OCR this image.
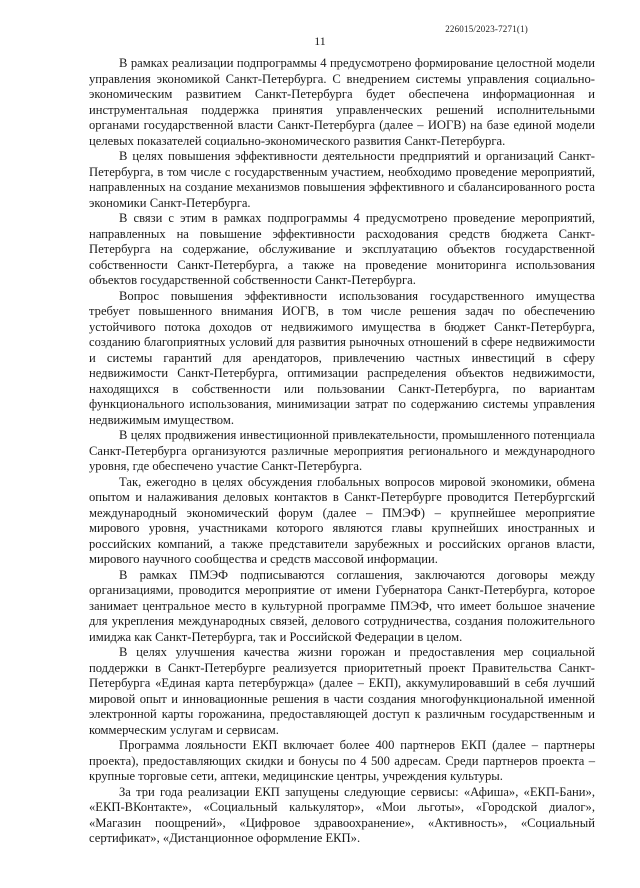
226015/2023-7271(1)
11

В рамках реализации подпрограммы 4 предусмотрено формирование целостной модели управления экономикой Санкт-Петербурга. С внедрением системы управления социально-экономическим развитием Санкт-Петербурга будет обеспечена информационная и инструментальная поддержка принятия управленческих решений исполнительными органами государственной власти Санкт-Петербурга (далее – ИОГВ) на базе единой модели целевых показателей социально-экономического развития Санкт-Петербурга.

В целях повышения эффективности деятельности предприятий и организаций Санкт-Петербурга, в том числе с государственным участием, необходимо проведение мероприятий, направленных на создание механизмов повышения эффективного и сбалансированного роста экономики Санкт-Петербурга.

В связи с этим в рамках подпрограммы 4 предусмотрено проведение мероприятий, направленных на повышение эффективности расходования средств бюджета Санкт-Петербурга на содержание, обслуживание и эксплуатацию объектов государственной собственности Санкт-Петербурга, а также на проведение мониторинга использования объектов государственной собственности Санкт-Петербурга.

Вопрос повышения эффективности использования государственного имущества требует повышенного внимания ИОГВ, в том числе решения задач по обеспечению устойчивого потока доходов от недвижимого имущества в бюджет Санкт-Петербурга, созданию благоприятных условий для развития рыночных отношений в сфере недвижимости и системы гарантий для арендаторов, привлечению частных инвестиций в сферу недвижимости Санкт-Петербурга, оптимизации распределения объектов недвижимости, находящихся в собственности или пользовании Санкт-Петербурга, по вариантам функционального использования, минимизации затрат по содержанию системы управления недвижимым имуществом.

В целях продвижения инвестиционной привлекательности, промышленного потенциала Санкт-Петербурга организуются различные мероприятия регионального и международного уровня, где обеспечено участие Санкт-Петербурга.

Так, ежегодно в целях обсуждения глобальных вопросов мировой экономики, обмена опытом и налаживания деловых контактов в Санкт-Петербурге проводится Петербургский международный экономический форум (далее – ПМЭФ) – крупнейшее мероприятие мирового уровня, участниками которого являются главы крупнейших иностранных и российских компаний, а также представители зарубежных и российских органов власти, мирового научного сообщества и средств массовой информации.

В рамках ПМЭФ подписываются соглашения, заключаются договоры между организациями, проводится мероприятие от имени Губернатора Санкт-Петербурга, которое занимает центральное место в культурной программе ПМЭФ, что имеет большое значение для укрепления международных связей, делового сотрудничества, создания положительного имиджа как Санкт-Петербурга, так и Российской Федерации в целом.

В целях улучшения качества жизни горожан и предоставления мер социальной поддержки в Санкт-Петербурге реализуется приоритетный проект Правительства Санкт-Петербурга «Единая карта петербуржца» (далее – ЕКП), аккумулировавший в себя лучший мировой опыт и инновационные решения в части создания многофункциональной именной электронной карты горожанина, предоставляющей доступ к различным государственным и коммерческим услугам и сервисам.

Программа лояльности ЕКП включает более 400 партнеров ЕКП (далее – партнеры проекта), предоставляющих скидки и бонусы по 4 500 адресам. Среди партнеров проекта – крупные торговые сети, аптеки, медицинские центры, учреждения культуры.

За три года реализации ЕКП запущены следующие сервисы: «Афиша», «ЕКП-Бани», «ЕКП-ВКонтакте», «Социальный калькулятор», «Мои льготы», «Городской диалог», «Магазин поощрений», «Цифровое здравоохранение», «Активность», «Социальный сертификат», «Дистанционное оформление ЕКП».
